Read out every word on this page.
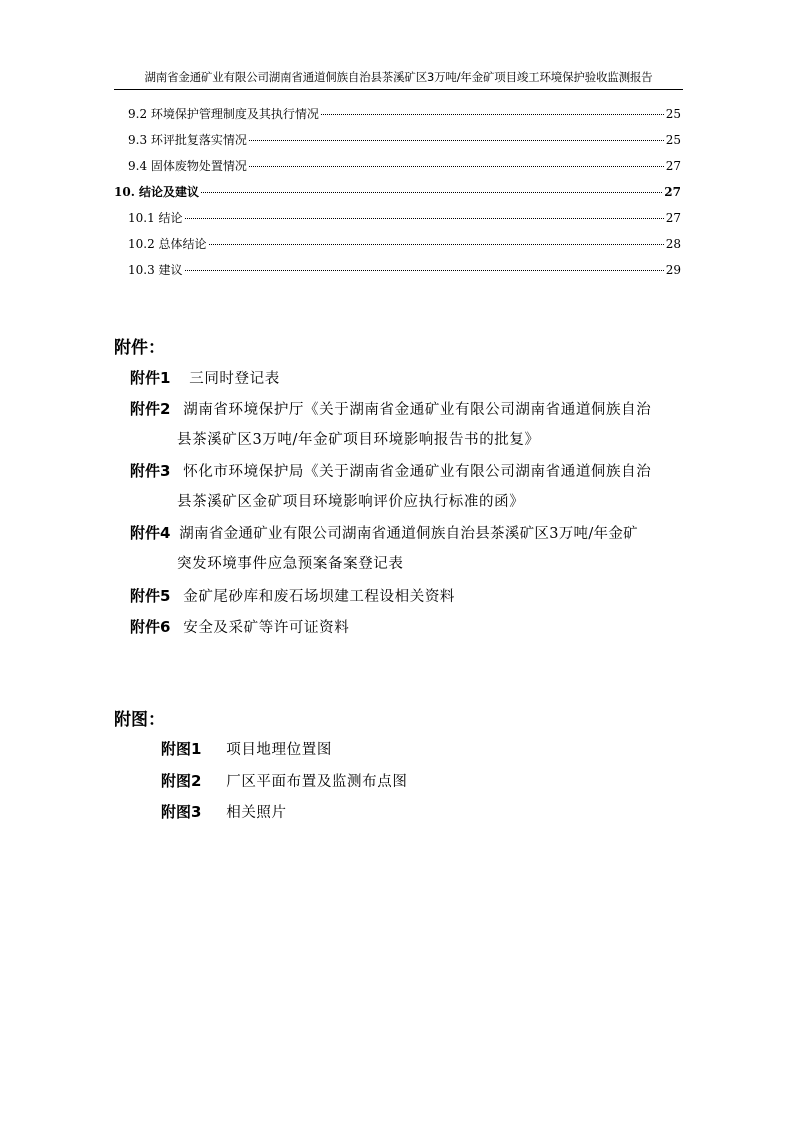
湖南省金通矿业有限公司湖南省通道侗族自治县茶溪矿区3万吨/年金矿项目竣工环境保护验收监测报告
9.2 环境保护管理制度及其执行情况	25
9.3 环评批复落实情况	25
9.4 固体废物处置情况	27
10. 结论及建议	27
10.1 结论	27
10.2 总体结论	28
10.3 建议	29
附件：
附件1 三同时登记表
附件2 湖南省环境保护厅《关于湖南省金通矿业有限公司湖南省通道侗族自治
县茶溪矿区3万吨/年金矿项目环境影响报告书的批复》
附件3 怀化市环境保护局《关于湖南省金通矿业有限公司湖南省通道侗族自治
县茶溪矿区金矿项目环境影响评价应执行标准的函》
附件4 湖南省金通矿业有限公司湖南省通道侗族自治县茶溪矿区3万吨/年金矿
突发环境事件应急预案备案登记表
附件5 金矿尾砂库和废石场坝建工程设相关资料
附件6 安全及采矿等许可证资料
附图：
附图1 项目地理位置图
附图2 厂区平面布置及监测布点图
附图3 相关照片
